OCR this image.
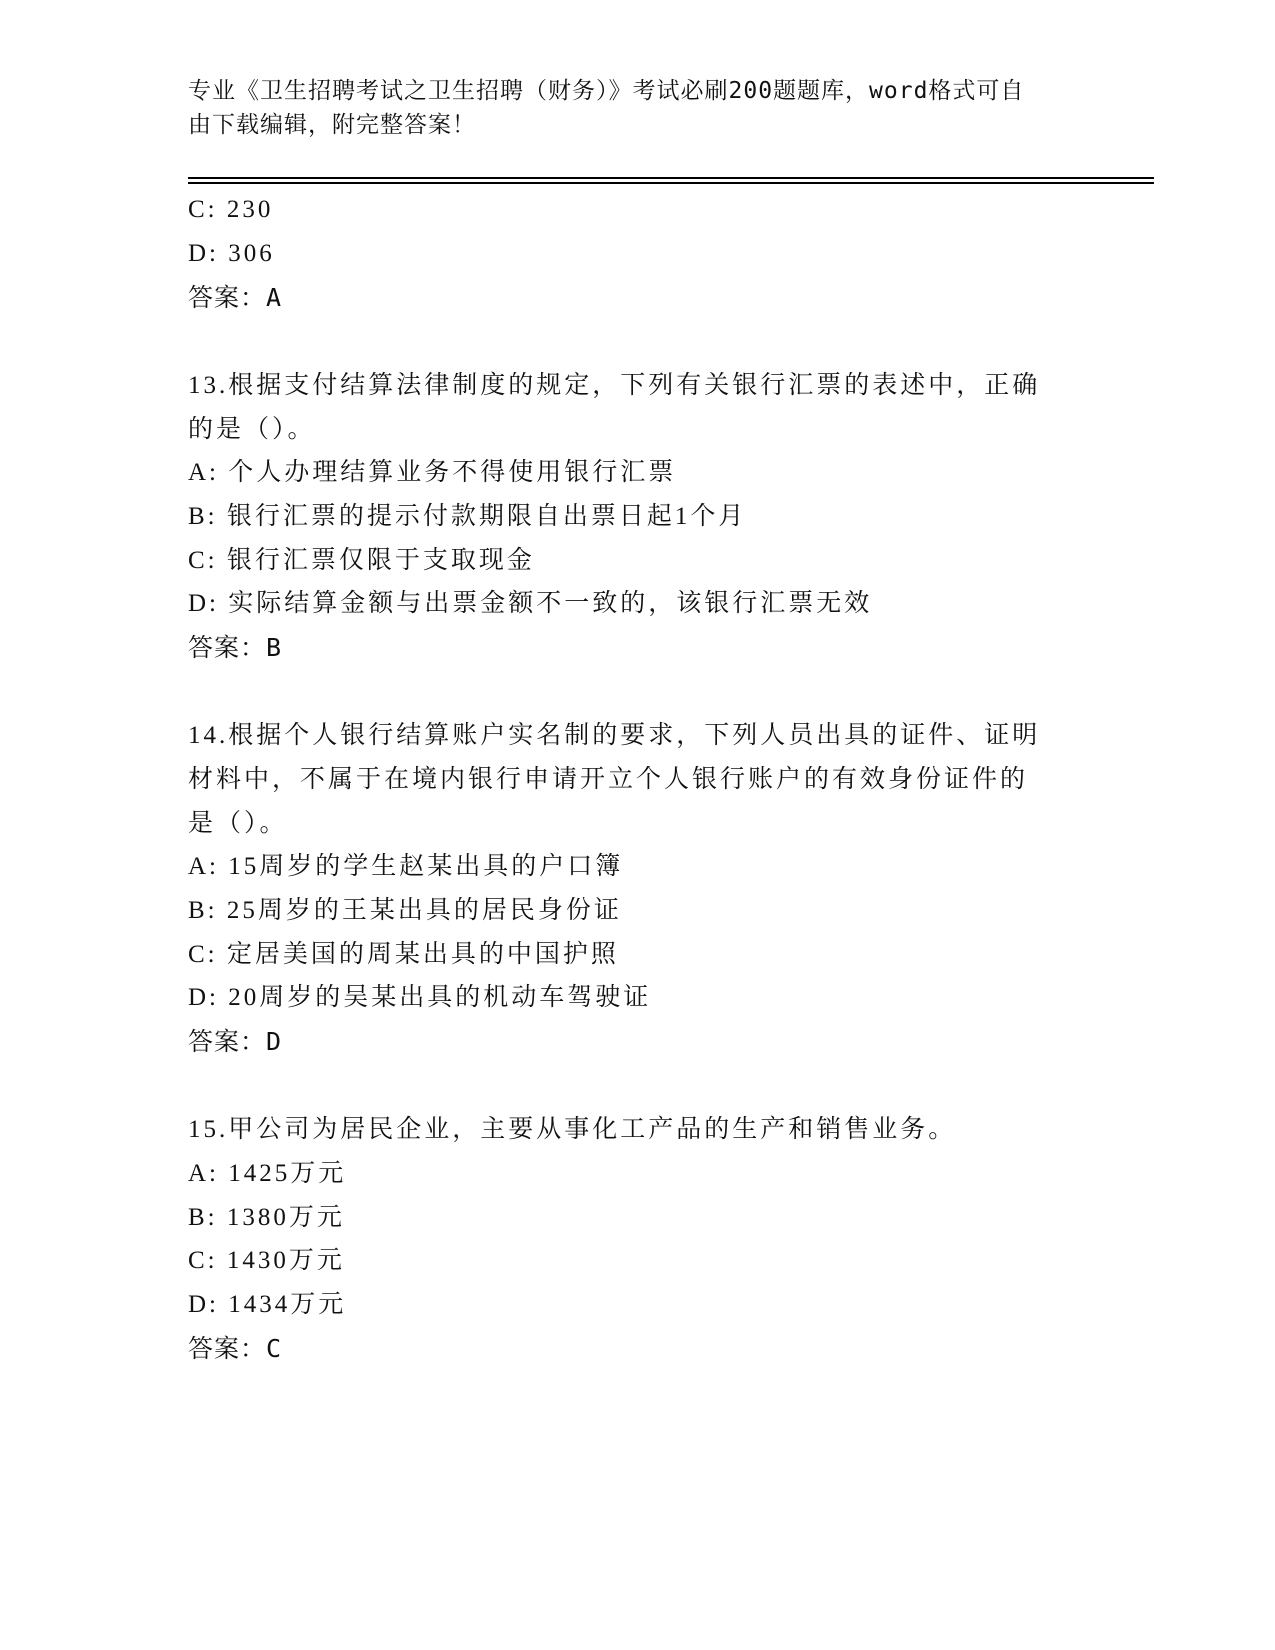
专业《卫生招聘考试之卫生招聘（财务）》考试必刷200题题库，word格式可自
由下载编辑，附完整答案！
C: 230
D: 306
答案：A
13.根据支付结算法律制度的规定，下列有关银行汇票的表述中，正确
的是（）。
A: 个人办理结算业务不得使用银行汇票
B: 银行汇票的提示付款期限自出票日起1个月
C: 银行汇票仅限于支取现金
D: 实际结算金额与出票金额不一致的，该银行汇票无效
答案：B
14.根据个人银行结算账户实名制的要求，下列人员出具的证件、证明
材料中，不属于在境内银行申请开立个人银行账户的有效身份证件的
是（）。
A: 15周岁的学生赵某出具的户口簿
B: 25周岁的王某出具的居民身份证
C: 定居美国的周某出具的中国护照
D: 20周岁的吴某出具的机动车驾驶证
答案：D
15.甲公司为居民企业，主要从事化工产品的生产和销售业务。
A: 1425万元
B: 1380万元
C: 1430万元
D: 1434万元
答案：C
